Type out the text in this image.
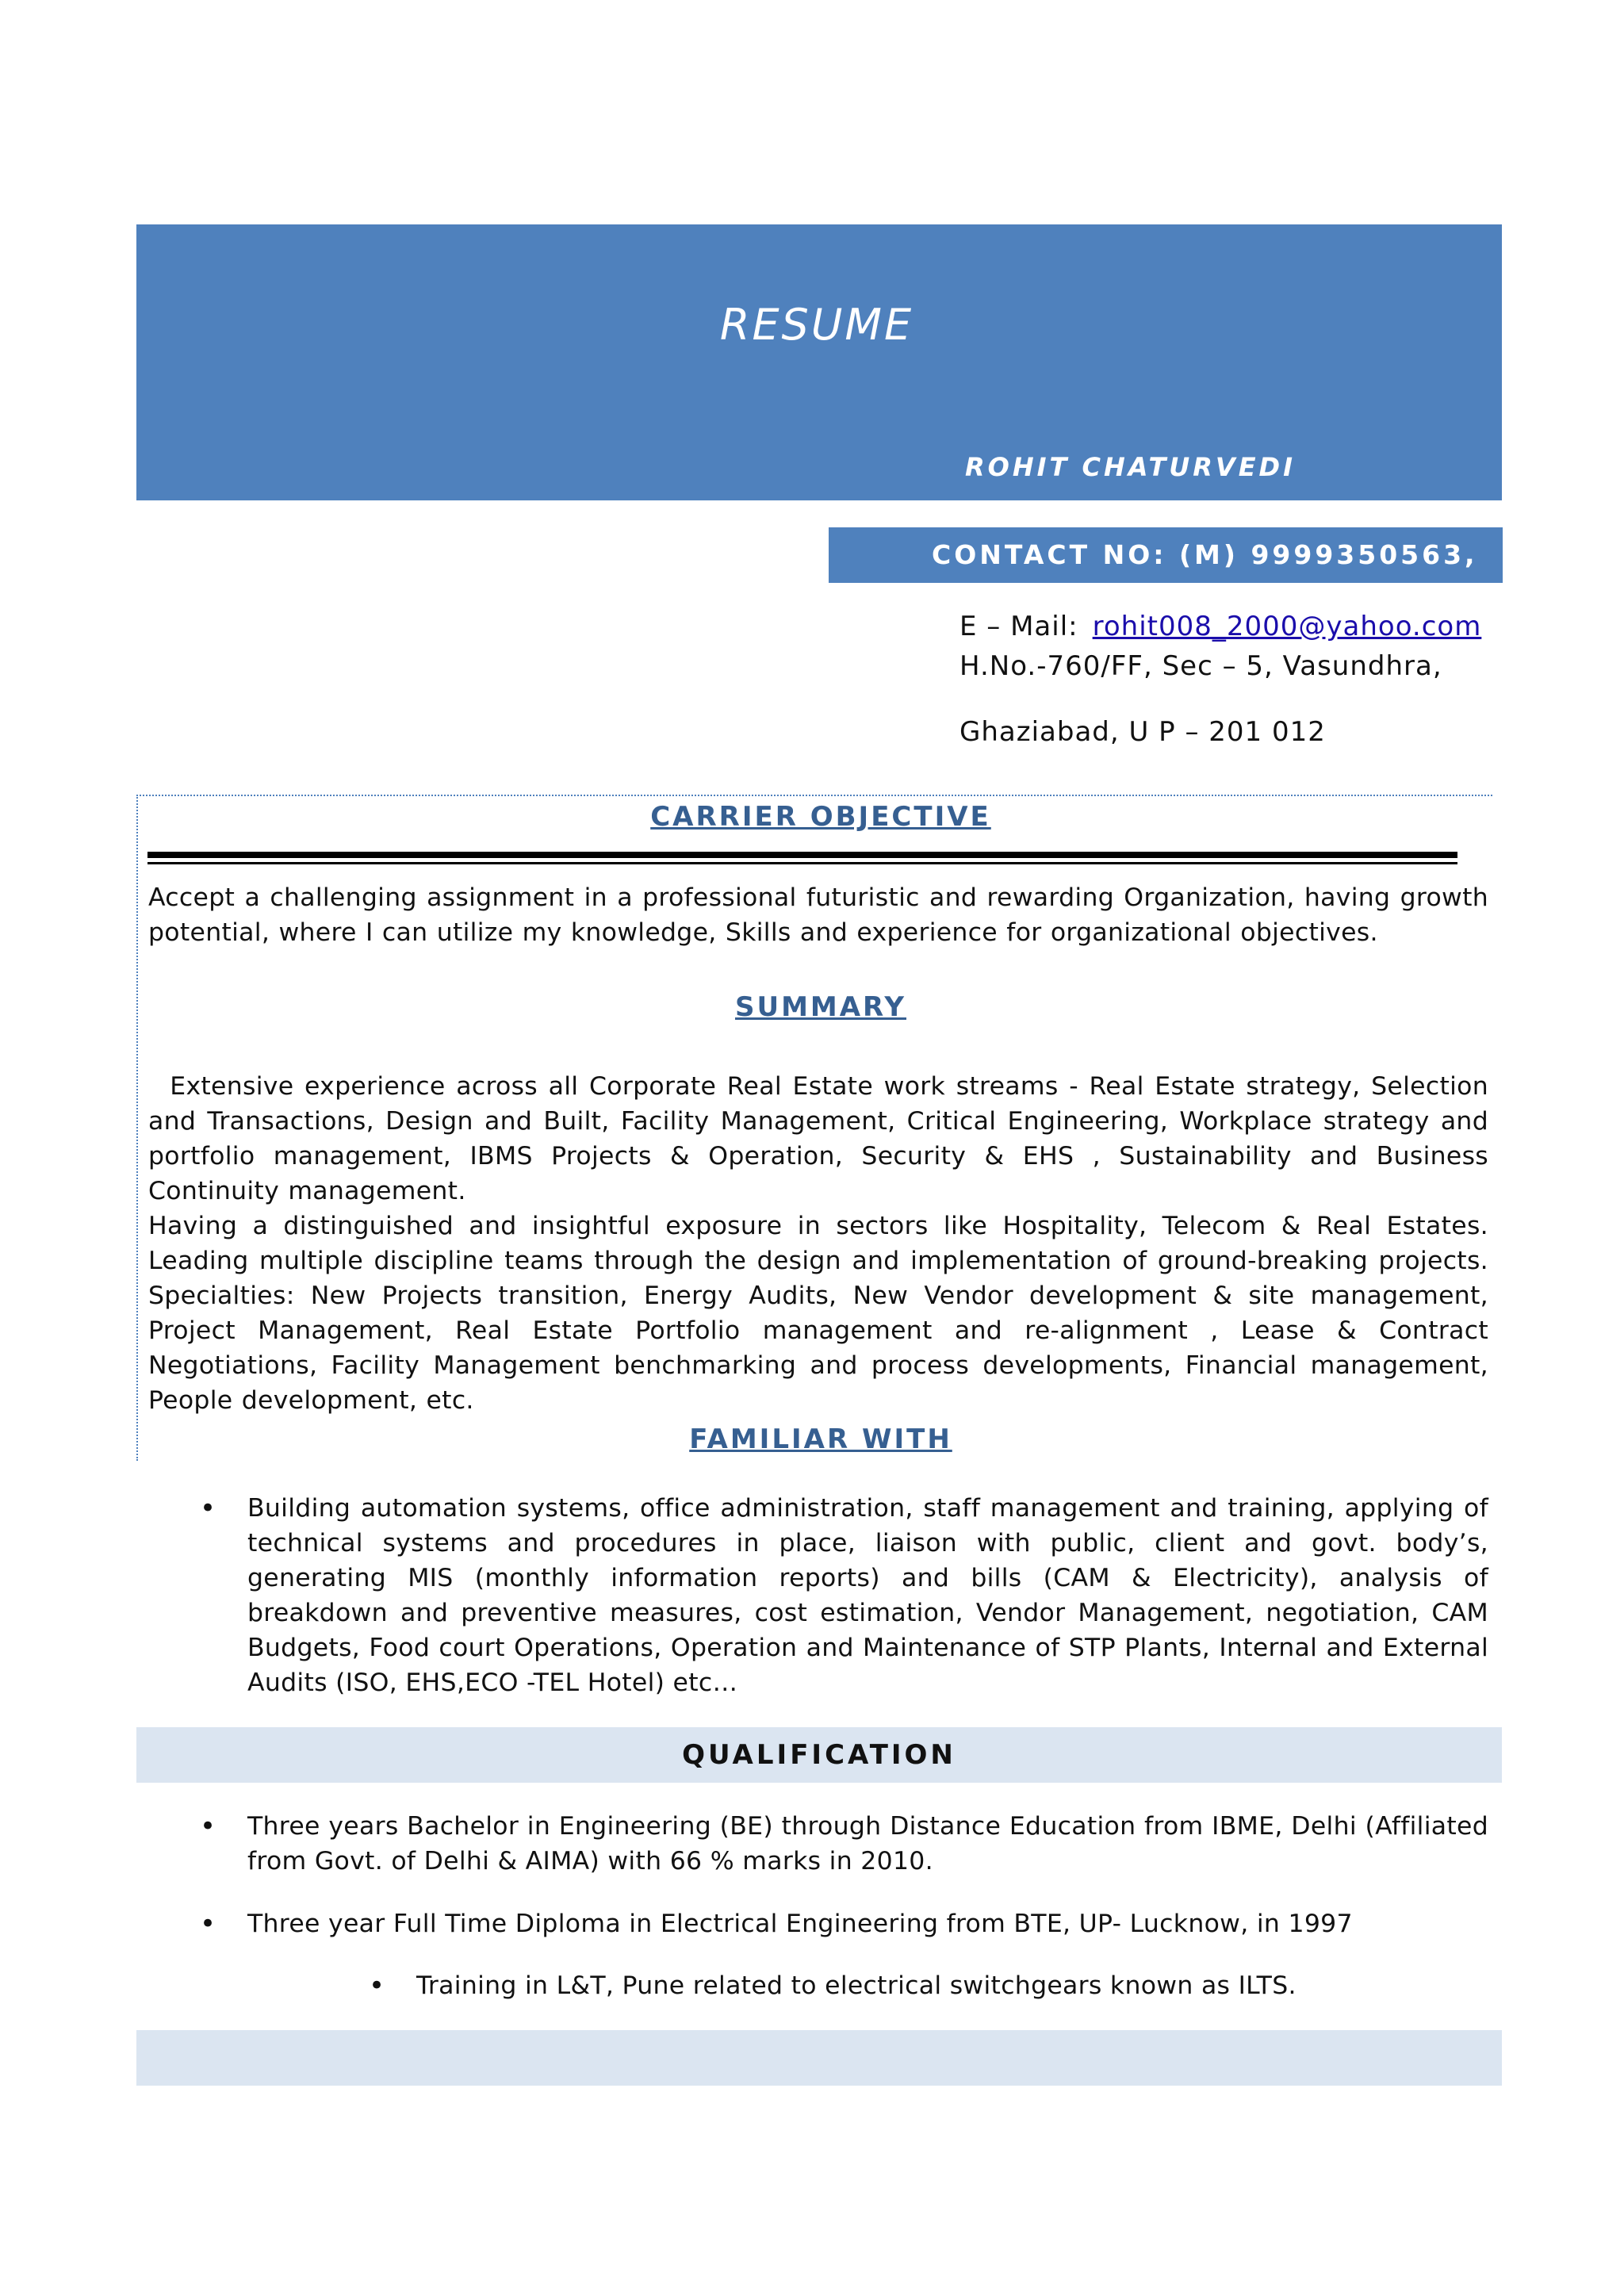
RESUME
ROHIT CHATURVEDI
CONTACT NO: (M) 9999350563,
E – Mail: rohit008_2000@yahoo.com
H.No.-760/FF, Sec – 5, Vasundhra,
Ghaziabad, U P – 201 012
CARRIER OBJECTIVE
Accept a challenging assignment in a professional futuristic and rewarding Organization, having growth potential, where I can utilize my knowledge, Skills and experience for organizational objectives.
SUMMARY
Extensive experience across all Corporate Real Estate work streams - Real Estate strategy, Selection and Transactions, Design and Built, Facility Management, Critical Engineering, Workplace strategy and portfolio management, IBMS Projects & Operation, Security & EHS , Sustainability and Business Continuity management.
Having a distinguished and insightful exposure in sectors like Hospitality, Telecom & Real Estates. Leading multiple discipline teams through the design and implementation of ground-breaking projects. Specialties: New Projects transition, Energy Audits, New Vendor development & site management, Project Management, Real Estate Portfolio management and re-alignment , Lease & Contract Negotiations, Facility Management benchmarking and process developments, Financial management, People development, etc.
FAMILIAR WITH
• Building automation systems, office administration, staff management and training, applying of technical systems and procedures in place, liaison with public, client and govt. body’s, generating MIS (monthly information reports) and bills (CAM & Electricity), analysis of breakdown and preventive measures, cost estimation, Vendor Management, negotiation, CAM Budgets, Food court Operations, Operation and Maintenance of STP Plants, Internal and External Audits (ISO, EHS,ECO -TEL Hotel) etc…
QUALIFICATION
• Three years Bachelor in Engineering (BE) through Distance Education from IBME, Delhi (Affiliated from Govt. of Delhi & AIMA) with 66 % marks in 2010.
• Three year Full Time Diploma in Electrical Engineering from BTE, UP- Lucknow, in 1997
• Training in L&T, Pune related to electrical switchgears known as ILTS.
